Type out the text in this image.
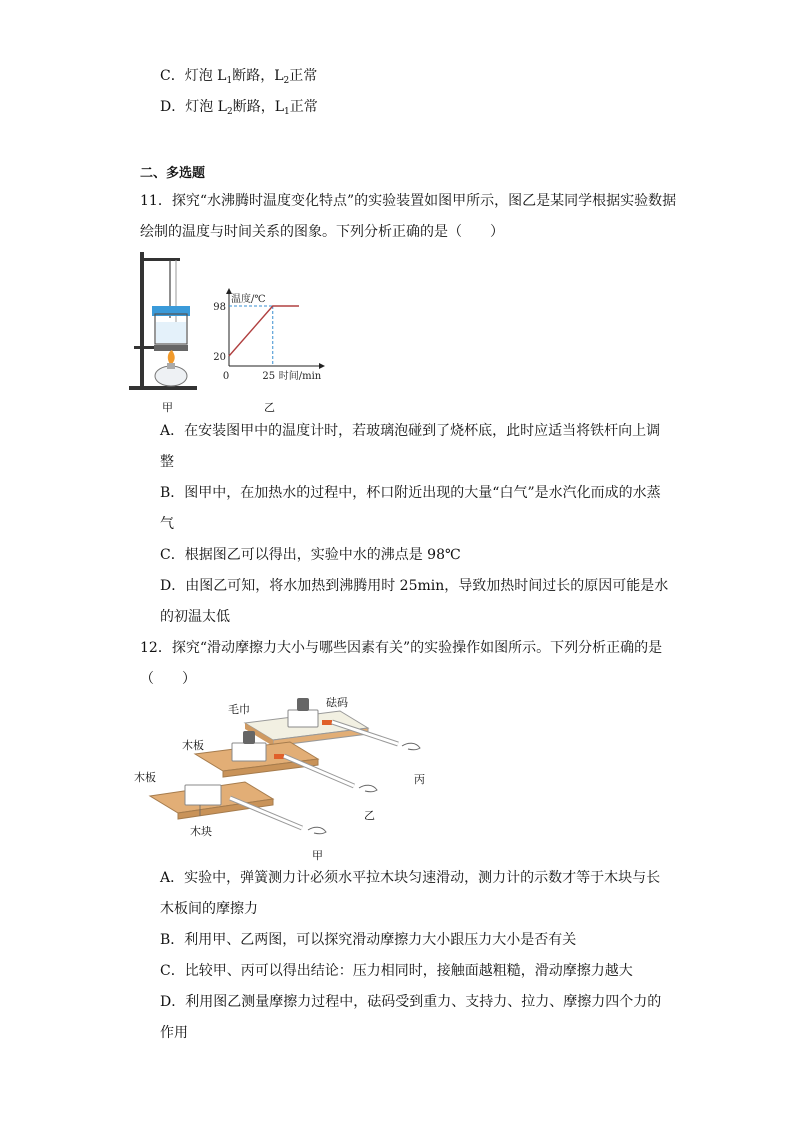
C．灯泡 $L_1$断路，$L_2$正常
D．灯泡 $L_2$断路，$L_1$正常
二、多选题
11．探究“水沸腾时温度变化特点”的实验装置如图甲所示，图乙是某同学根据实验数据
绘制的温度与时间关系的图象。下列分析正确的是（　　）
甲
温度/℃
时间/min
0	25
20
98
乙
A．在安装图甲中的温度计时，若玻璃泡碰到了烧杯底，此时应适当将铁杆向上调
整
B．图甲中，在加热水的过程中，杯口附近出现的大量“白气”是水汽化而成的水蒸
气
C．根据图乙可以得出，实验中水的沸点是 98℃
D．由图乙可知，将水加热到沸腾用时 25min，导致加热时间过长的原因可能是水
的初温太低
12．探究“滑动摩擦力大小与哪些因素有关”的实验操作如图所示。下列分析正确的是
（　　）
毛巾
砝码
木板
木板
木块
甲
乙
丙
A．实验中，弹簧测力计必须水平拉木块匀速滑动，测力计的示数才等于木块与长
木板间的摩擦力
B．利用甲、乙两图，可以探究滑动摩擦力大小跟压力大小是否有关
C．比较甲、丙可以得出结论：压力相同时，接触面越粗糙，滑动摩擦力越大
D．利用图乙测量摩擦力过程中，砝码受到重力、支持力、拉力、摩擦力四个力的
作用
